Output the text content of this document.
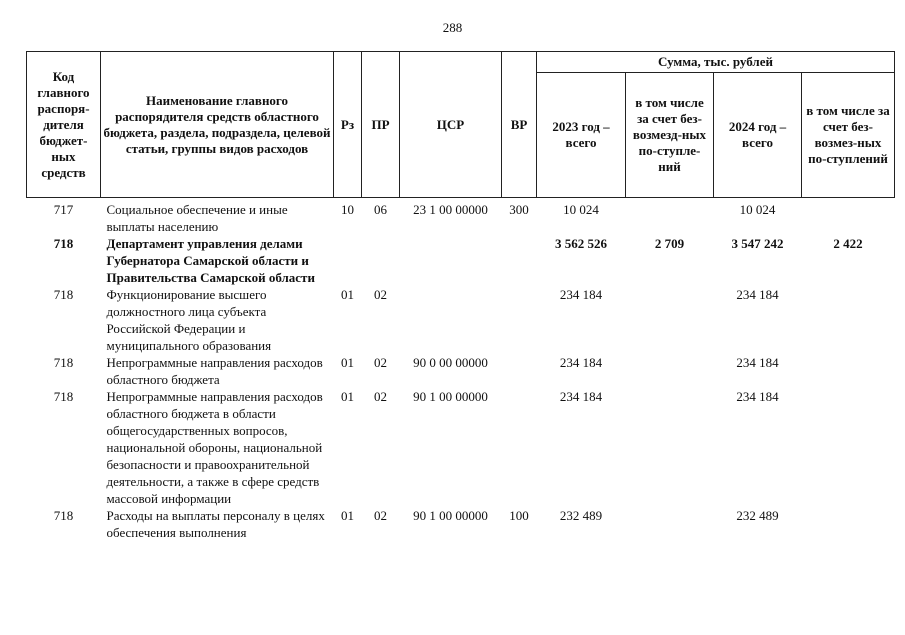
288
Код главного распоря-дителя бюджет-ных средств	Наименование главного распорядителя средств областного бюджета, раздела, подраздела, целевой статьи, группы видов расходов	Рз	ПР	ЦСР	ВР	Сумма, тыс. рублей			
						2023 год – всего	в том числе за счет без-возмезд-ных по-ступле-ний	2024 год – всего	в том числе за счет без-возмез-ных по-ступлений
717	Социальное обеспечение и иные выплаты населению	10	06	23 1 00 00000	300	10 024		10 024	
718	Департамент управления делами Губернатора Самарской области и Правительства Самарской области					3 562 526	2 709	3 547 242	2 422
718	Функционирование высшего должностного лица субъекта Российской Федерации и муниципального образования	01	02			234 184		234 184	
718	Непрограммные направления расходов областного бюджета	01	02	90 0 00 00000		234 184		234 184	
718	Непрограммные направления расходов областного бюджета в области общегосударственных вопросов, национальной обороны, национальной безопасности и правоохранительной деятельности, а также в сфере средств массовой информации	01	02	90 1 00 00000		234 184		234 184	
718	Расходы на выплаты персоналу в целях обеспечения выполнения	01	02	90 1 00 00000	100	232 489		232 489	
